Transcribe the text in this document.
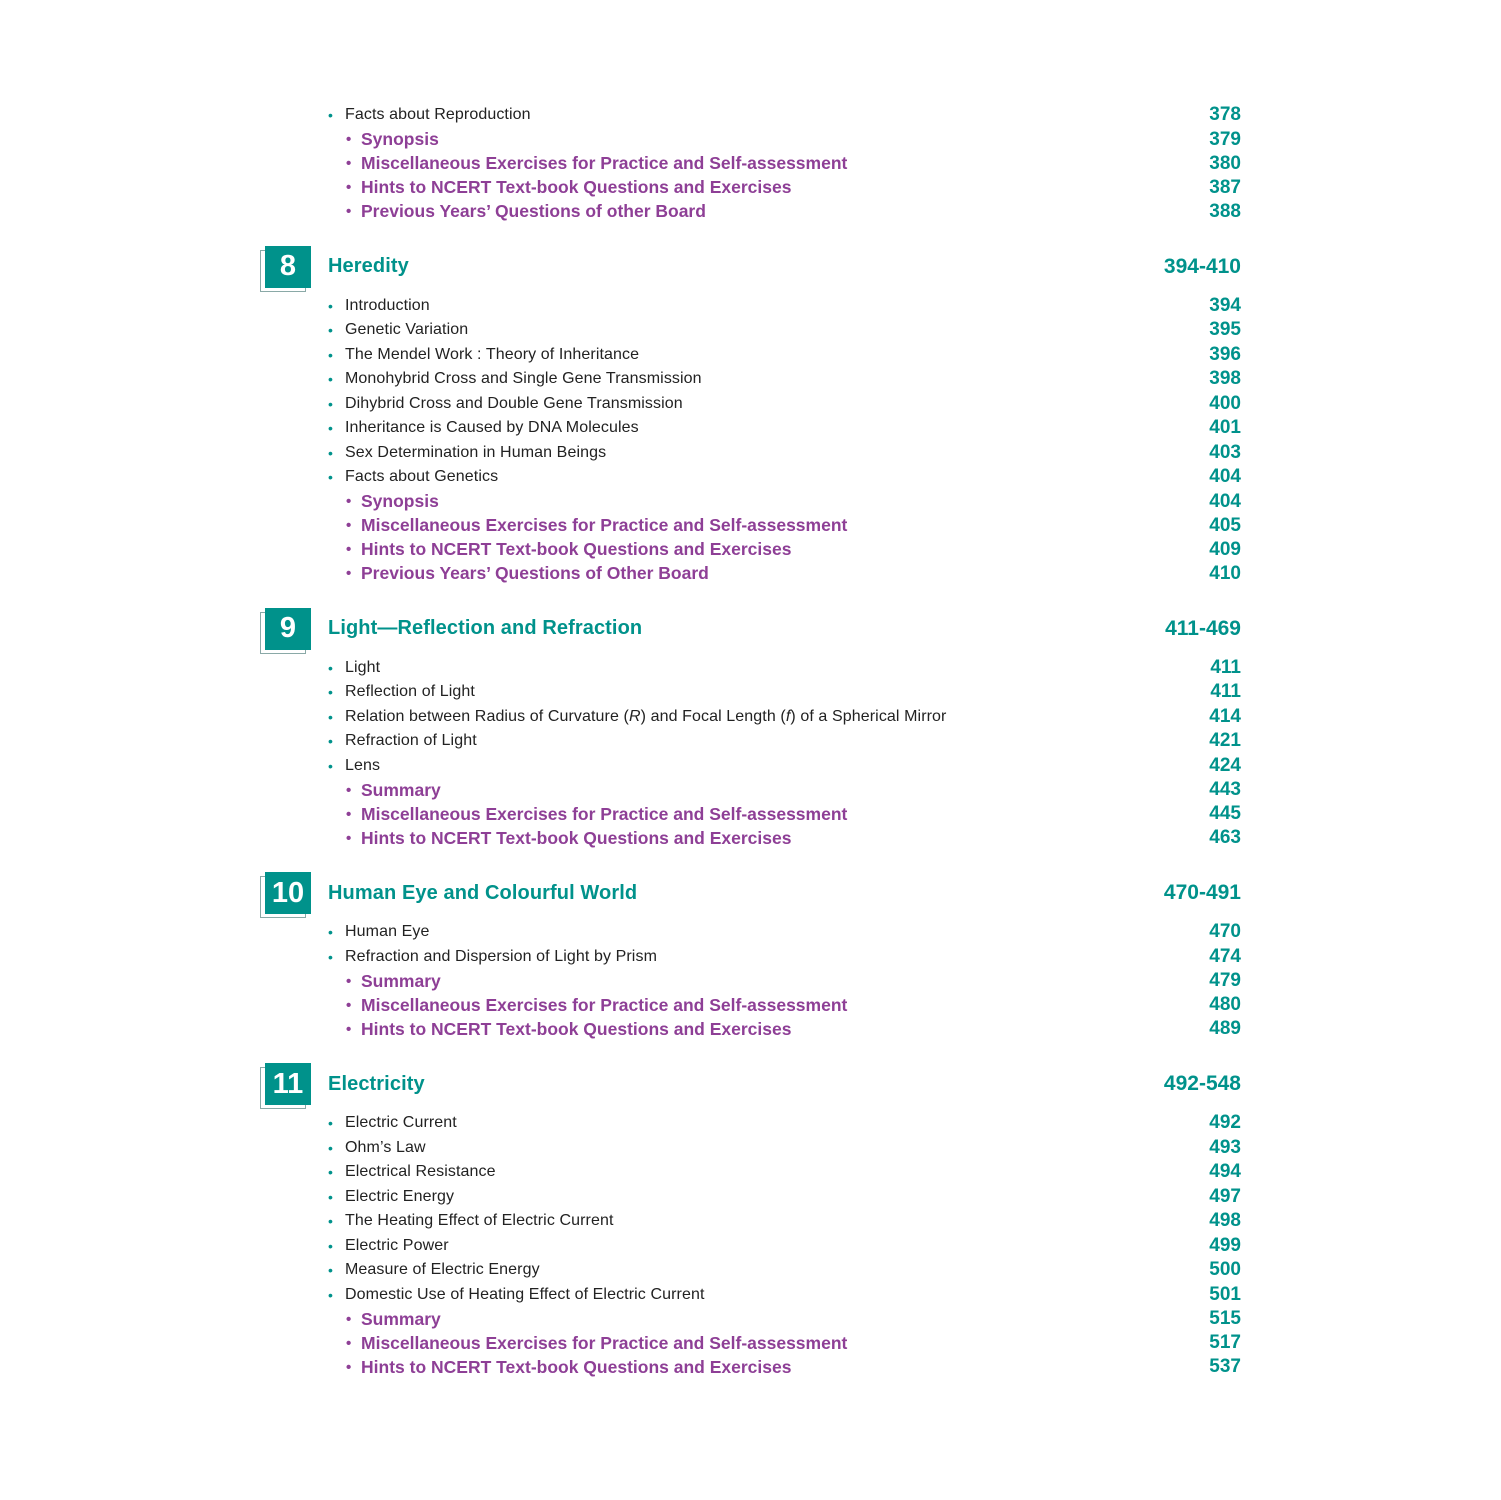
• Facts about Reproduction	378
• Synopsis	379
• Miscellaneous Exercises for Practice and Self-assessment	380
• Hints to NCERT Text-book Questions and Exercises	387
• Previous Years’ Questions of other Board	388
8 Heredity	394-410
• Introduction	394
• Genetic Variation	395
• The Mendel Work : Theory of Inheritance	396
• Monohybrid Cross and Single Gene Transmission	398
• Dihybrid Cross and Double Gene Transmission	400
• Inheritance is Caused by DNA Molecules	401
• Sex Determination in Human Beings	403
• Facts about Genetics	404
• Synopsis	404
• Miscellaneous Exercises for Practice and Self-assessment	405
• Hints to NCERT Text-book Questions and Exercises	409
• Previous Years’ Questions of Other Board	410
9 Light—Reflection and Refraction	411-469
• Light	411
• Reflection of Light	411
• Relation between Radius of Curvature ( R ) and Focal Length ( f ) of a Spherical Mirror	414
• Refraction of Light	421
• Lens	424
• Summary	443
• Miscellaneous Exercises for Practice and Self-assessment	445
• Hints to NCERT Text-book Questions and Exercises	463
10 Human Eye and Colourful World	470-491
• Human Eye	470
• Refraction and Dispersion of Light by Prism	474
• Summary	479
• Miscellaneous Exercises for Practice and Self-assessment	480
• Hints to NCERT Text-book Questions and Exercises	489
11 Electricity	492-548
• Electric Current	492
• Ohm’s Law	493
• Electrical Resistance	494
• Electric Energy	497
• The Heating Effect of Electric Current	498
• Electric Power	499
• Measure of Electric Energy	500
• Domestic Use of Heating Effect of Electric Current	501
• Summary	515
• Miscellaneous Exercises for Practice and Self-assessment	517
• Hints to NCERT Text-book Questions and Exercises	537
